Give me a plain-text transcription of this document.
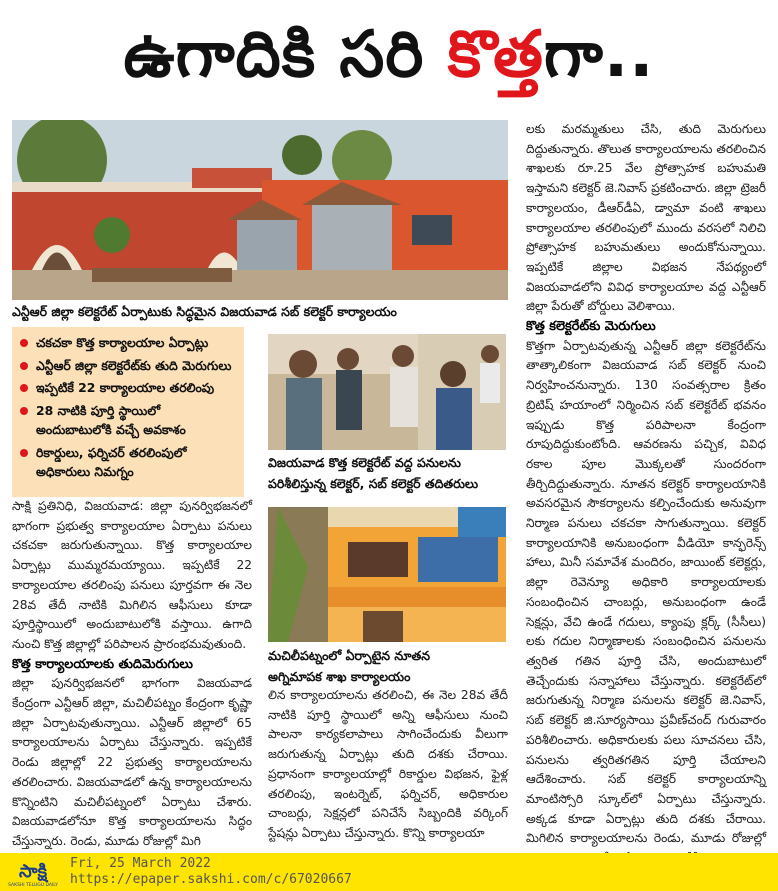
ఉగాదికి సరి కొత్తగా..
ఎన్టీఆర్ జిల్లా కలెక్టరేట్ ఏర్పాటుకు సిద్ధమైన విజయవాడ సబ్ కలెక్టర్ కార్యాలయం
చకచకా కొత్త కార్యాలయాల ఏర్పాట్లు
ఎన్టీఆర్ జిల్లా కలెక్టరేట్‌కు తుది మెరుగులు
ఇప్పటికే 22 కార్యాలయాల తరలింపు
28 నాటికి పూర్తి స్థాయిలో అందుబాటులోకి వచ్చే అవకాశం
రికార్డులు, ఫర్నిచర్ తరలింపులో అధికారులు నిమగ్నం
విజయవాడ కొత్త కలెక్టరేట్ వద్ద పనులను
పరిశీలిస్తున్న కలెక్టర్, సబ్ కలెక్టర్ తదితరులు
మచిలీపట్నంలో ఏర్పాటైన నూతన
అగ్నిమాపక శాఖ కార్యాలయం
సాక్షి ప్రతినిధి, విజయవాడ: జిల్లా పునర్విభజనలో భాగంగా ప్రభుత్వ కార్యాలయాల ఏర్పాటు పనులు చకచకా జరుగుతున్నాయి. కొత్త కార్యాలయాల ఏర్పాట్లు ముమ్మరమయ్యాయి. ఇప్పటికే 22 కార్యాలయాల తరలింపు పనులు పూర్తవగా ఈ నెల 28వ తేదీ నాటికి మిగిలిన ఆఫీసులు కూడా పూర్తిస్థాయిలో అందుబాటులోకి వస్తాయి. ఉగాది నుంచి కొత్త జిల్లాల్లో పరిపాలన ప్రారంభమవుతుంది.
కొత్త కార్యాలయాలకు తుదిమెరుగులు
జిల్లా పునర్విభజనలో భాగంగా విజయవాడ కేంద్రంగా ఎన్టీఆర్ జిల్లా, మచిలీపట్నం కేంద్రంగా కృష్ణా జిల్లా ఏర్పాటవుతున్నాయి. ఎన్టీఆర్ జిల్లాలో 65 కార్యాలయాలను ఏర్పాటు చేస్తున్నారు. ఇప్పటికే రెండు జిల్లాల్లో 22 ప్రభుత్వ కార్యాలయాలను తరలించారు. విజయవాడలో ఉన్న కార్యాలయాలను కొన్నింటిని మచిలీపట్నంలో ఏర్పాటు చేశారు. విజయవాడలోనూ కొత్త కార్యాలయాలను సిద్ధం చేస్తున్నారు. రెండు, మూడు రోజుల్లో మిగి
లిన కార్యాలయాలను తరలించి, ఈ నెల 28వ తేదీ నాటికి పూర్తి స్థాయిలో అన్ని ఆఫీసులు నుంచి పాలనా కార్యకలాపాలు సాగించేందుకు వీలుగా జరుగుతున్న ఏర్పాట్లు తుది దశకు చేరాయి. ప్రధానంగా కార్యాలయాల్లో రికార్డుల విభజన, ఫైళ్ల తరలింపు, ఇంటర్నెట్, ఫర్నిచర్, అధికారుల చాంబర్లు, సెక్షన్లలో పనిచేసే సిబ్బందికి వర్కింగ్ స్టేషన్లు ఏర్పాటు చేస్తున్నారు. కొన్ని కార్యాలయా
లకు మరమ్మతులు చేసి, తుది మెరుగులు దిద్దుతున్నారు. తొలుత కార్యాలయాలను తరలించిన శాఖలకు రూ.25 వేల ప్రోత్సాహక బహుమతి ఇస్తామని కలెక్టర్ జె.నివాస్ ప్రకటించారు. జిల్లా ట్రెజరీ కార్యాలయం, డీఆర్‌డీఏ, డ్వామా వంటి శాఖలు కార్యాలయాల తరలింపులో ముందు వరసలో నిలిచి ప్రోత్సాహక బహుమతులు అందుకోనున్నాయి. ఇప్పటికే జిల్లాల విభజన నేపథ్యంలో విజయవాడలోని వివిధ కార్యాలయాల వద్ద ఎన్టీఆర్ జిల్లా పేరుతో బోర్డులు వెలిశాయి.
కొత్త కలెక్టరేట్‌కు మెరుగులు
కొత్తగా ఏర్పాటవుతున్న ఎన్టీఆర్ జిల్లా కలెక్టరేట్‌ను తాత్కాలికంగా విజయవాడ సబ్ కలెక్టర్ నుంచి నిర్వహించనున్నారు. 130 సంవత్సరాల క్రితం బ్రిటిష్ హయాంలో నిర్మించిన సబ్ కలెక్టరేట్ భవనం ఇప్పుడు కొత్త పరిపాలనా కేంద్రంగా రూపుదిద్దుకుంటోంది. ఆవరణను పచ్చిక, వివిధ రకాల పూల మొక్కలతో సుందరంగా తీర్చిదిద్దుతున్నారు. నూతన కలెక్టర్ కార్యాలయానికి అవసరమైన సౌకర్యాలను కల్పించేందుకు అనువుగా నిర్మాణ పనులు చకచకా సాగుతున్నాయి. కలెక్టర్ కార్యాలయానికి అనుబంధంగా వీడియో కాన్ఫరెన్స్ హాలు, మినీ సమావేశ మందిరం, జాయింట్ కలెక్టర్లు, జిల్లా రెవెన్యూ అధికారి కార్యాలయాలకు సంబంధించిన చాంబర్లు, అనుబంధంగా ఉండే సెక్షన్లు, వేచి ఉండే గదులు, క్యాంపు క్లర్క్ (సీసీలు) లకు గదుల నిర్మాణాలకు సంబంధించిన పనులను త్వరిత గతిన పూర్తి చేసి, అందుబాటులో తెచ్చేందుకు సన్నాహాలు చేస్తున్నారు. కలెక్టరేట్‌లో జరుగుతున్న నిర్మాణ పనులను కలెక్టర్ జె.నివాస్, సబ్ కలెక్టర్ జి.సూర్యసాయి ప్రవీణ్‌చంద్ గురువారం పరిశీలించారు. అధికారులకు పలు సూచనలు చేసి, పనులను త్వరితగతిన పూర్తి చేయాలని ఆదేశించారు. సబ్ కలెక్టర్ కార్యాలయాన్ని మాంటిస్సోరి స్కూల్‌లో ఏర్పాటు చేస్తున్నారు. అక్కడ కూడా ఏర్పాట్లు తుది దశకు చేరాయి. మిగిలిన కార్యాలయాలను రెండు, మూడు రోజుల్లో
సాక్షి
SAKSHI TELUGU DAILY
Fri, 25 March 2022
https://epaper.sakshi.com/c/67020667
